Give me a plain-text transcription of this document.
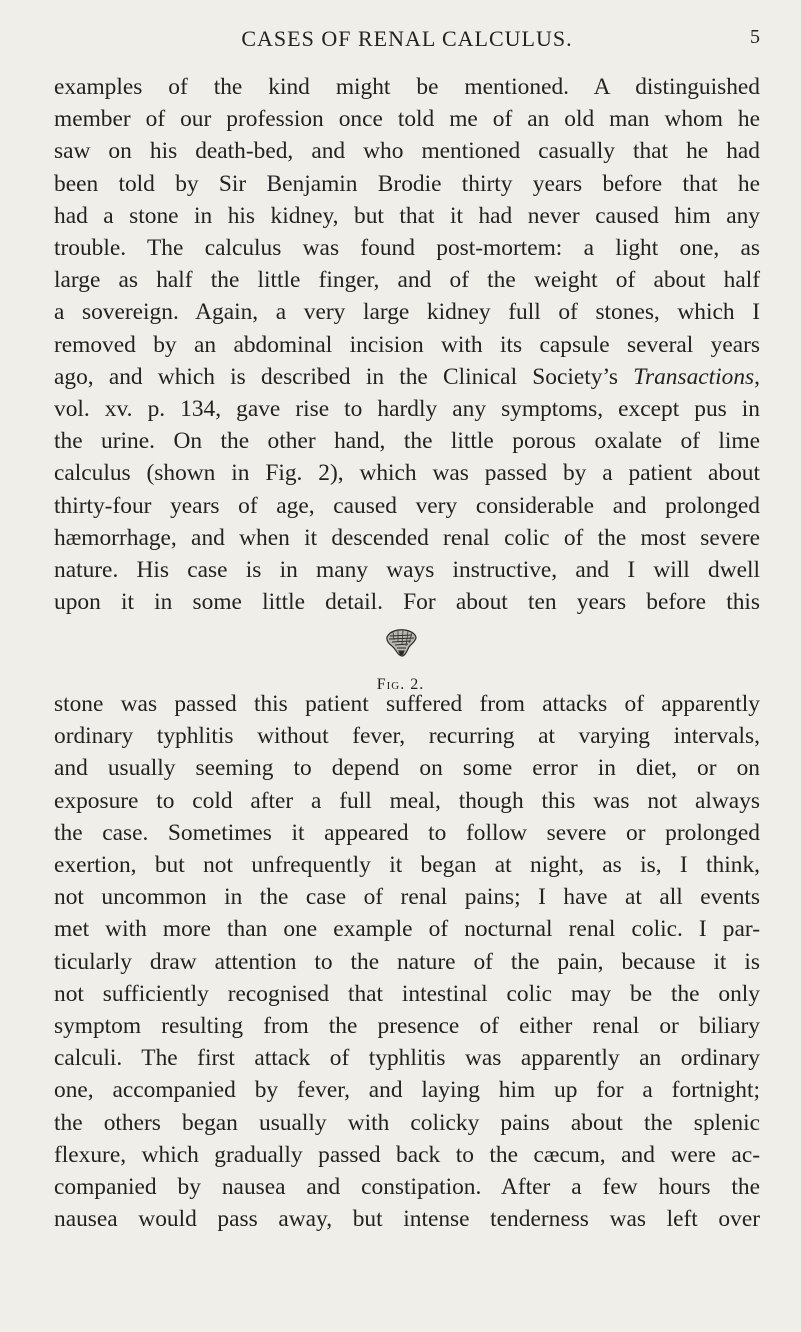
CASES OF RENAL CALCULUS.	5
examples of the kind might be mentioned. A distinguished
member of our profession once told me of an old man whom he
saw on his death-bed, and who mentioned casually that he had
been told by Sir Benjamin Brodie thirty years before that he
had a stone in his kidney, but that it had never caused him any
trouble. The calculus was found post-mortem: a light one, as
large as half the little finger, and of the weight of about half
a sovereign. Again, a very large kidney full of stones, which I
removed by an abdominal incision with its capsule several years
ago, and which is described in the Clinical Society’s Transactions,
vol. xv. p. 134, gave rise to hardly any symptoms, except pus in
the urine. On the other hand, the little porous oxalate of lime
calculus (shown in Fig. 2), which was passed by a patient about
thirty-four years of age, caused very considerable and prolonged
hæmorrhage, and when it descended renal colic of the most severe
nature. His case is in many ways instructive, and I will dwell
upon it in some little detail. For about ten years before this
Fig. 2.
stone was passed this patient suffered from attacks of apparently
ordinary typhlitis without fever, recurring at varying intervals,
and usually seeming to depend on some error in diet, or on
exposure to cold after a full meal, though this was not always
the case. Sometimes it appeared to follow severe or prolonged
exertion, but not unfrequently it began at night, as is, I think,
not uncommon in the case of renal pains; I have at all events
met with more than one example of nocturnal renal colic. I par-
ticularly draw attention to the nature of the pain, because it is
not sufficiently recognised that intestinal colic may be the only
symptom resulting from the presence of either renal or biliary
calculi. The first attack of typhlitis was apparently an ordinary
one, accompanied by fever, and laying him up for a fortnight;
the others began usually with colicky pains about the splenic
flexure, which gradually passed back to the cæcum, and were ac-
companied by nausea and constipation. After a few hours the
nausea would pass away, but intense tenderness was left over
